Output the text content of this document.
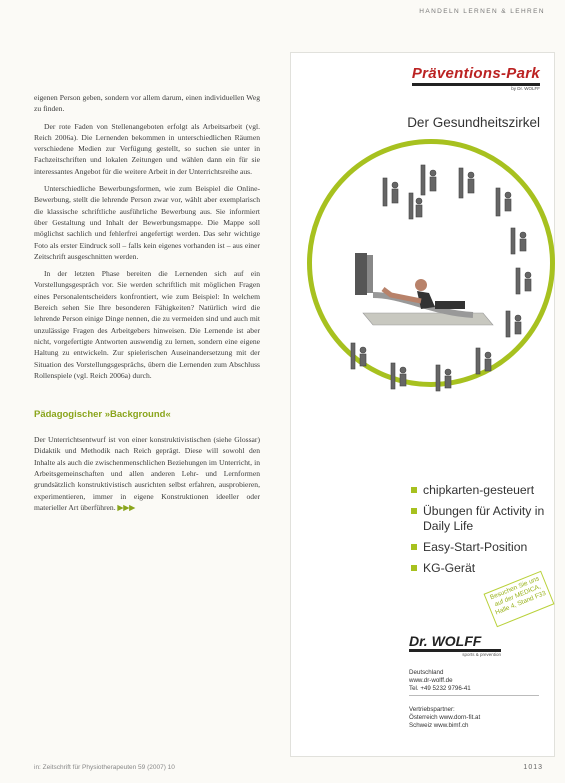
HANDELN LERNEN & LEHREN

eigenen Person geben, sondern vor allem darum, einen individuellen Weg zu finden.

Der rote Faden von Stellenangeboten erfolgt als Arbeitsarbeit (vgl. Reich 2006a). Die Lernenden bekommen in unterschiedlichen Räumen verschiedene Medien zur Verfügung gestellt, so suchen sie unter in Fachzeitschriften und lokalen Zeitungen und wählen dann ein für sie interessantes Angebot für die weitere Arbeit in der Unterrichtsreihe aus.

Unterschiedliche Bewerbungsformen, wie zum Beispiel die Online-Bewerbung, stellt die lehrende Person zwar vor, wählt aber exemplarisch die klassische schriftliche ausführliche Bewerbung aus. Sie informiert über Gestaltung und Inhalt der Bewerbungsmappe. Die Mappe soll möglichst sachlich und fehlerfrei angefertigt werden. Das sehr wichtige Foto als erster Eindruck soll – falls kein eigenes vorhanden ist – aus einer Zeitschrift ausgeschnitten werden.

In der letzten Phase bereiten die Lernenden sich auf ein Vorstellungsgespräch vor. Sie werden schriftlich mit möglichen Fragen eines Personalentscheiders konfrontiert, wie zum Beispiel: In welchem Bereich sehen Sie Ihre besonderen Fähigkeiten? Natürlich wird die lehrende Person einige Dinge nennen, die zu vermeiden sind und auch mit unzulässige Fragen des Arbeitgebers hinweisen. Die Lernende ist aber nicht, vorgefertigte Antworten auswendig zu lernen, sondern eine eigene Haltung zu entwickeln. Zur spielerischen Auseinandersetzung mit der Situation des Vorstellungsgesprächs, übern die Lernenden zum Abschluss Rollenspiele (vgl. Reich 2006a) durch.

Pädagogischer »Background«

Der Unterrichtsentwurf ist von einer konstruktivistischen (siehe Glossar) Didaktik und Methodik nach Reich geprägt. Diese will sowohl den Inhalte als auch die zwischenmenschlichen Beziehungen im Unterricht, in Arbeitsgemeinschaften und allen anderen Lehr- und Lernformen grundsätzlich konstruktivistisch ausrichten selbst erfahren, ausprobieren, experimentieren, immer in eigene Konstruktionen ideeller oder materieller Art überführen. ▶▶▶

in: Zeitschrift für Physiotherapeuten 59 (2007) 10	1013
Präventions-Park
by Dr. WOLFF
Der Gesundheitszirkel
chipkarten-gesteuert
Übungen für Activity in Daily Life
Easy-Start-Position
KG-Gerät
Besuchen Sie uns auf der MEDICA, Halle 4, Stand F33
Dr. WOLFF
sports & prevention
Deutschland
www.dr-wolff.de
Tel. +49 5232 9796-41
Vertriebspartner:
Österreich www.dorn-fit.at
Schweiz www.bimf.ch
